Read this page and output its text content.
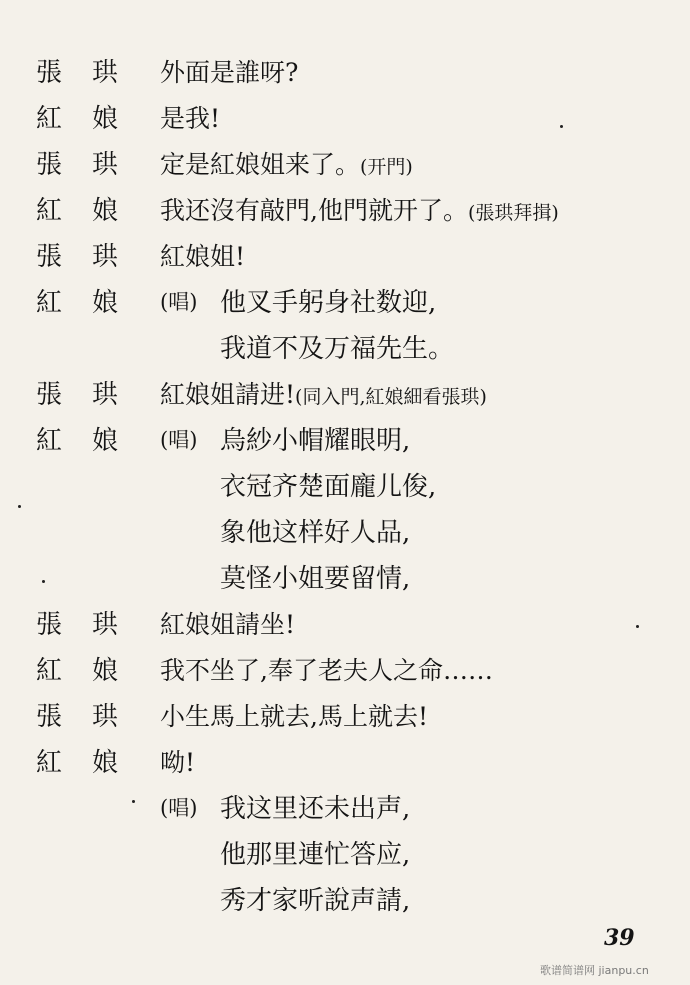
張珙 外面是誰呀?
紅娘 是我!
張珙 定是紅娘姐来了。(开門)
紅娘 我还沒有敲門,他門就开了。(張珙拜揖)
張珙 紅娘姐!
紅娘 (唱) 他叉手躬身社数迎,
我道不及万福先生。
張珙 紅娘姐請进!(同入門,紅娘細看張珙)
紅娘 (唱) 烏紗小帽耀眼明,
衣冠齐楚面龐儿俊,
象他这样好人品,
莫怪小姐要留情,
張珙 紅娘姐請坐!
紅娘 我不坐了,奉了老夫人之命……
張珙 小生馬上就去,馬上就去!
紅娘 呦!
(唱) 我这里还未出声,
他那里連忙答应,
秀才家听說声請,
39
歌谱简谱网 jianpu.cn
